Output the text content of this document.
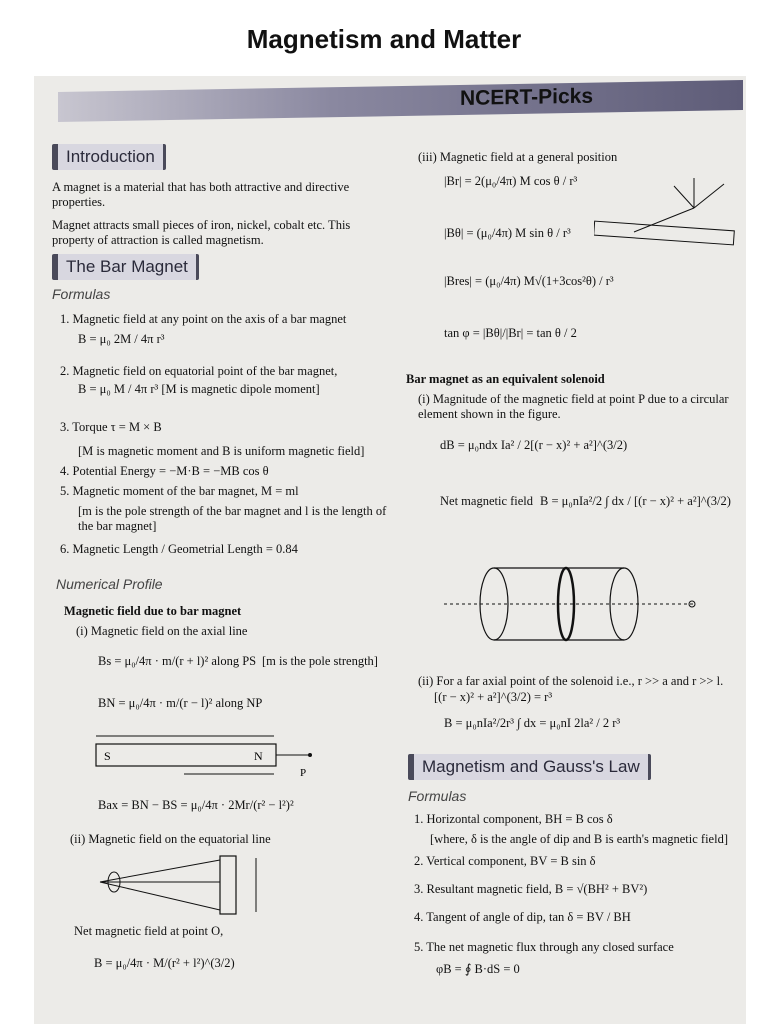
Magnetism and Matter
NCERT-Picks
Introduction
A magnet is a material that has both attractive and directive properties.
Magnet attracts small pieces of iron, nickel, cobalt etc. This property of attraction is called magnetism.
The Bar Magnet
Formulas
1. Magnetic field at any point on the axis of a bar magnet
B = μ₀ 2M / 4π r³
2. Magnetic field on equatorial point of the bar magnet,
B = μ₀ M / 4π r³ [M is magnetic dipole moment]
3. Torque τ = M × B
[M is magnetic moment and B is uniform magnetic field]
4. Potential Energy = −M·B = −MB cos θ
5. Magnetic moment of the bar magnet, M = ml
[m is the pole strength of the bar magnet and l is the length of the bar magnet]
6. Magnetic Length / Geometrial Length = 0.84
Numerical Profile
Magnetic field due to bar magnet
(i) Magnetic field on the axial line
Bs = μ₀/4π · m/(r + l)² along PS [m is the pole strength]
BN = μ₀/4π · m/(r − l)² along NP
S	N
P
Bax = BN − BS = μ₀/4π · 2Mr/(r² − l²)²
(ii) Magnetic field on the equatorial line
Net magnetic field at point O,
B = μ₀/4π · M/(r² + l²)^(3/2)
(iii) Magnetic field at a general position
|Br| = 2(μ₀/4π) M cos θ / r³
|Bθ| = (μ₀/4π) M sin θ / r³
|Bres| = (μ₀/4π) M√(1+3cos²θ) / r³
tan φ = |Bθ|/|Br| = tan θ / 2
Bar magnet as an equivalent solenoid
(i) Magnitude of the magnetic field at point P due to a circular element shown in the figure.
dB = μ₀ndx Ia² / 2[(r − x)² + a²]^(3/2)
Net magnetic field B = μ₀nIa²/2 ∫ dx / [(r − x)² + a²]^(3/2)
(ii) For a far axial point of the solenoid i.e., r >> a and r >> l.
[(r − x)² + a²]^(3/2) = r³
B = μ₀nIa²/2r³ ∫ dx = μ₀nI 2la² / 2 r³
Magnetism and Gauss's Law
Formulas
1. Horizontal component, BH = B cos δ
[where, δ is the angle of dip and B is earth's magnetic field]
2. Vertical component, BV = B sin δ
3. Resultant magnetic field, B = √(BH² + BV²)
4. Tangent of angle of dip, tan δ = BV / BH
5. The net magnetic flux through any closed surface
φB = ∮ B·dS = 0
